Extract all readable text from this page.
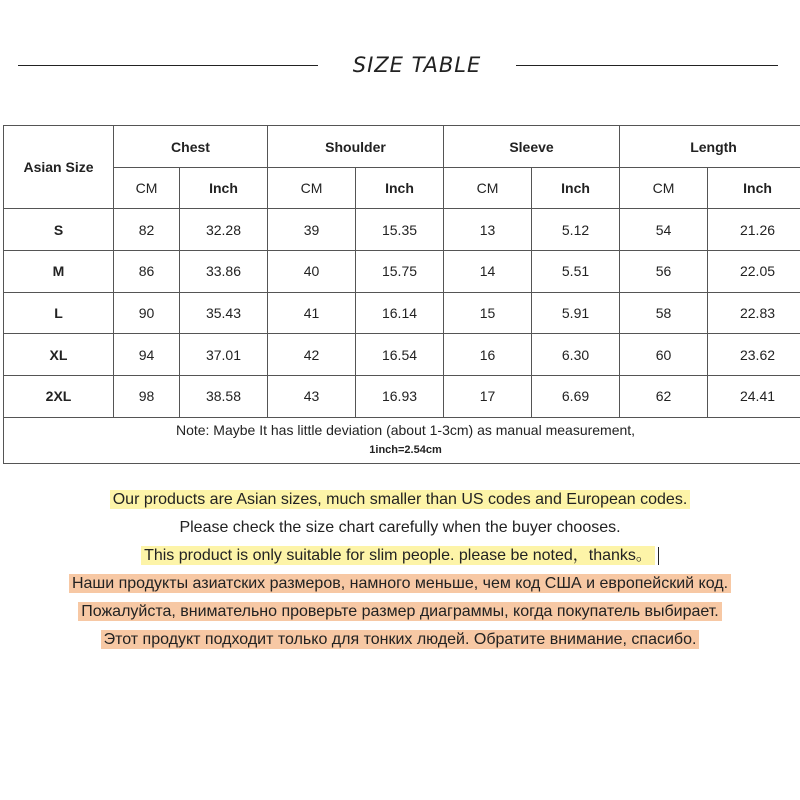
SIZE TABLE
Asian Size	Chest		Shoulder		Sleeve		Length	
	CM	Inch	CM	Inch	CM	Inch	CM	Inch
S	82	32.28	39	15.35	13	5.12	54	21.26
M	86	33.86	40	15.75	14	5.51	56	22.05
L	90	35.43	41	16.14	15	5.91	58	22.83
XL	94	37.01	42	16.54	16	6.30	60	23.62
2XL	98	38.58	43	16.93	17	6.69	62	24.41

Note: Maybe It has little deviation (about 1-3cm) as manual measurement,
1inch=2.54cm								

Our products are Asian sizes, much smaller than US codes and European codes.

Please check the size chart carefully when the buyer chooses.

This product is only suitable for slim people. please be noted，thanks。

Наши продукты азиатских размеров, намного меньше, чем код США и европейский код.

Пожалуйста, внимательно проверьте размер диаграммы, когда покупатель выбирает.

Этот продукт подходит только для тонких людей. Обратите внимание, спасибо.
